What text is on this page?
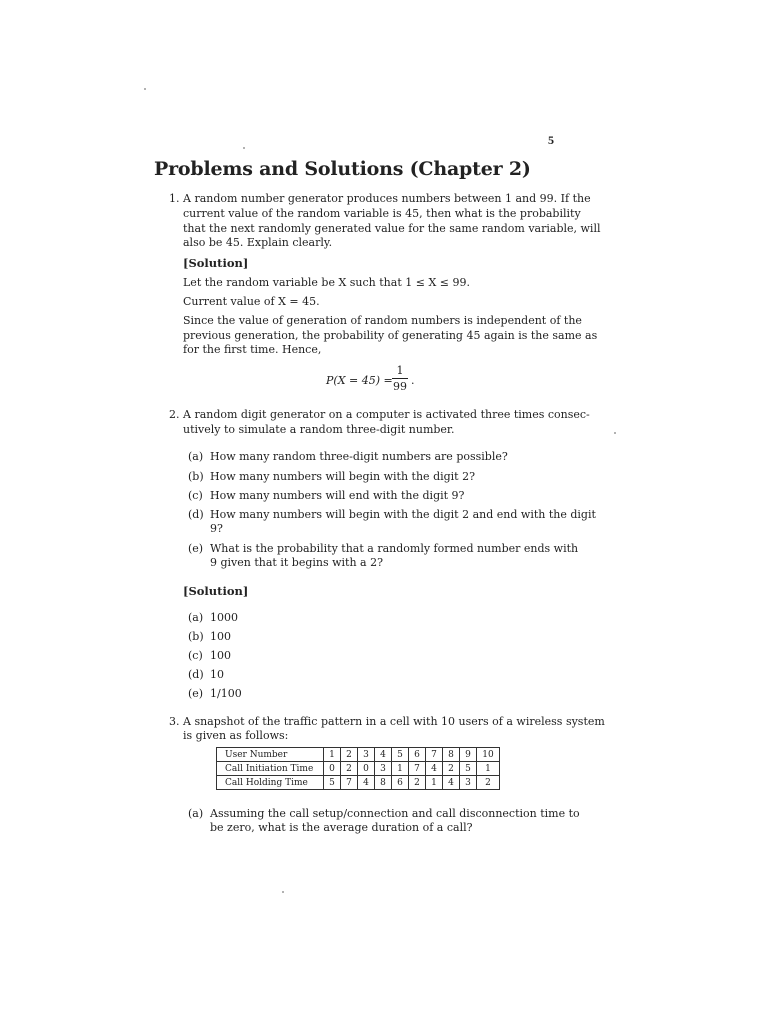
5
Problems and Solutions (Chapter 2)
1. A random number generator produces numbers between 1 and 99. If the
current value of the random variable is 45, then what is the probability
that the next randomly generated value for the same random variable, will
also be 45. Explain clearly.
[Solution]
Let the random variable be X such that 1 ≤ X ≤ 99.
Current value of X = 45.
Since the value of generation of random numbers is independent of the
previous generation, the probability of generating 45 again is the same as
for the first time. Hence,
P(X = 45) =
1
99 .
2. A random digit generator on a computer is activated three times consec-
utively to simulate a random three-digit number.
(a) How many random three-digit numbers are possible?
(b) How many numbers will begin with the digit 2?
(c) How many numbers will end with the digit 9?
(d) How many numbers will begin with the digit 2 and end with the digit
9?
(e) What is the probability that a randomly formed number ends with
9 given that it begins with a 2?
[Solution]
(a) 1000
(b) 100
(c) 100
(d) 10
(e) 1/100
3. A snapshot of the traffic pattern in a cell with 10 users of a wireless system
is given as follows:
User Number	1	2	3	4	5	6	7	8	9	10
Call Initiation Time	0	2	0	3	1	7	4	2	5	1
Call Holding Time	5	7	4	8	6	2	1	4	3	2
(a) Assuming the call setup/connection and call disconnection time to
be zero, what is the average duration of a call?
